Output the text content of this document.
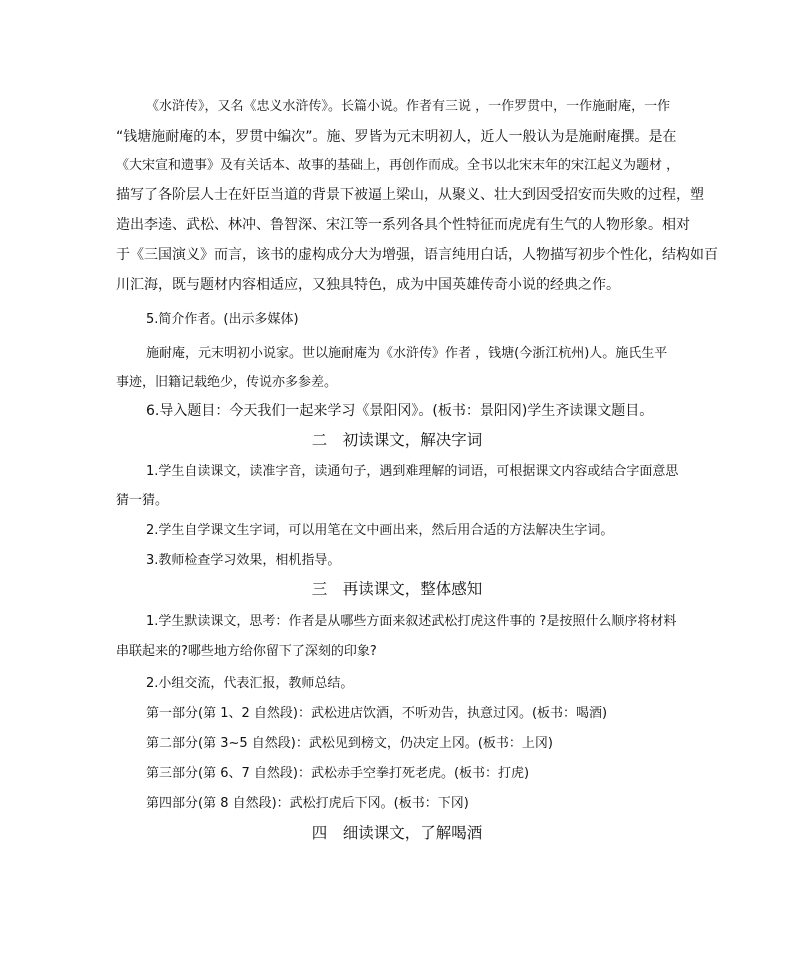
《水浒传》，又名《忠义水浒传》。长篇小说。作者有三说 ，一作罗贯中，一作施耐庵，一作
“钱塘施耐庵的本，罗贯中编次”。施、罗皆为元末明初人，近人一般认为是施耐庵撰。是在
《大宋宣和遗事》及有关话本、故事的基础上，再创作而成。全书以北宋末年的宋江起义为题材 ，
描写了各阶层人士在奸臣当道的背景下被逼上梁山，从聚义、壮大到因受招安而失败的过程，塑
造出李逵、武松、林冲、鲁智深、宋江等一系列各具个性特征而虎虎有生气的人物形象。相对
于《三国演义》而言，该书的虚构成分大为增强，语言纯用白话，人物描写初步个性化，结构如百
川汇海，既与题材内容相适应，又独具特色，成为中国英雄传奇小说的经典之作。
5.简介作者。(出示多媒体)
施耐庵，元末明初小说家。世以施耐庵为《水浒传》作者 ，钱塘(今浙江杭州)人。施氏生平
事迹，旧籍记载绝少，传说亦多参差。
6.导入题目：今天我们一起来学习《景阳冈》。(板书：景阳冈)学生齐读课文题目。
二　初读课文，解决字词
1.学生自读课文，读准字音，读通句子，遇到难理解的词语，可根据课文内容或结合字面意思
猜一猜。
2.学生自学课文生字词，可以用笔在文中画出来，然后用合适的方法解决生字词。
3.教师检查学习效果，相机指导。
三　再读课文，整体感知
1.学生默读课文，思考：作者是从哪些方面来叙述武松打虎这件事的 ?是按照什么顺序将材料
串联起来的?哪些地方给你留下了深刻的印象?
2.小组交流，代表汇报，教师总结。
第一部分(第 1、2 自然段)：武松进店饮酒，不听劝告，执意过冈。(板书：喝酒)
第二部分(第 3~5 自然段)：武松见到榜文，仍决定上冈。(板书：上冈)
第三部分(第 6、7 自然段)：武松赤手空拳打死老虎。(板书：打虎)
第四部分(第 8 自然段)：武松打虎后下冈。(板书：下冈)
四　细读课文，了解喝酒
